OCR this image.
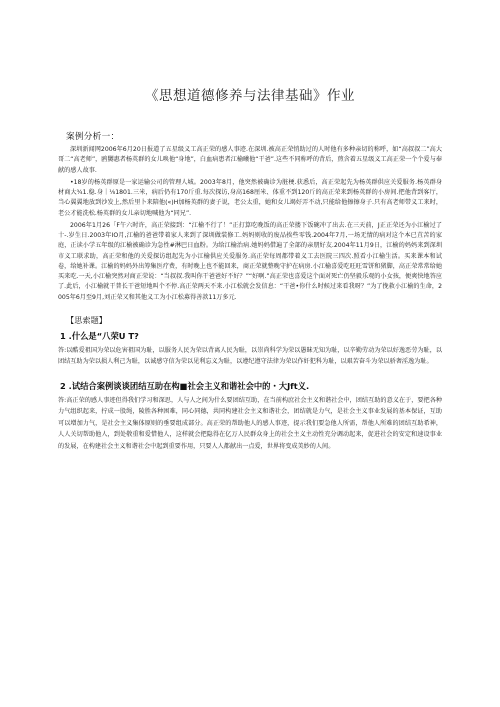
《思想道德修养与法律基础》作业
案例分析一：

深圳新闻网2006年6月20日报道了五星级义工高正荣的感人事迹.在深圳.被高正荣悄助过的人时他有多种亲切的称呼，如“高叔叔二”高大哥二“高老师”，鸥嬲惠者杨英群的女儿唤他“身地”，白血病患者江榆曦他“干爸”.这些不同称呼的背后，煎含着五星级义工高正荣一个个爱与奉献的感人故事.

•18岁的杨英群原是一家运输公司的管理人城。2003年8月，他突然被确诊为脏梗.获悉后，高正荣起先为杨英群供应关爱服务.杨英群身材商大¾1.稳.身｜⅛1801.三米，病后仍有170斤重.每次探访,身高168厘米、体重不到120斤的高正荣来到杨英群的小房间.把他背到客厅，当心翼翼地放到沙发上,然后里卜来陪他(«)H加杨英群的妻子说，老公太重，她和女儿竭好弄不动,只能给他擦擦身子.只有高老师带义工来时，老公才能洗松.杨英群的女儿亲切地喊他为“同兄”.

2006年1月26「F午六时许，高正荣接到：“江榆不行了！”正打算吃晚饭的高正荣搂下饭碗冲了出去.在三天前，J正正荣还为小江榆过了十-.岁生日.2003年IO月,江榆的爸爸带着家人来到了深圳做装修工.妈妈则收的废品挨些零钱.2004年7月,一场无情的病对这个本已苴苦的家庭，正读小学五年级的江榆被确诊为急性#淋巴日血粉。为给江榆治病.她妈妈借遍了全部的亲朋好友.2004年11月9日，江榆的妈妈来到深圳市义工联求助，高正荣和他的关爱探访组起先为小江榆供应关爱服务.高正荣每周都带着义工去医院三四次.照看小江榆生活。买来课本和试卷，给她补课。江榆的妈妈外出筹集医疗费，有时晚上也不能回来，商正荣就整晚守护在病房.小江榆喜爱吃旺旺雪饼和猪脚，高正荣常常给她买来吃.一天,小江榆突然对商正荣说：“当叔叔.我叫你干爸爸好不好？”“好啊.”高正荣也喜爱这个面对死亡仍坚毅乐观的小女孩，便爽快地答应了.此后，小江榆就干普长干爸短地叫个不停.高正荣两天不来.小江松就会发信息：“干爸•你什么时候过来看我呀？”为了挽救小江榆的生命，2005年6月至9月,刘正荣又和其他义工为小江松募得善款11万多元.

【思索题】
1 .什么是“八荣U T?

答:以酷爱祖国为荣以危害祖国为耻，以服务人民为荣以背离人民为耻，以崇尚科学为荣以愚昧无知为耻，以辛勤劳动为荣以好逸恶劳为耻，以团结互助为荣以损人利己为耻，以诚感守信为荣以见利忘义为耻，以遵纪遵守法律为荣以作奸犯科为耻，以艰苦奋斗为荣以骄奢淫逸为耻。

2 .试结合案例谈谈团结互助在构■社会主义和谐社会中的・大Jft义.

答:高正荣的感人事迹但得我们学习和深思，人与人之间为什么要团结互助，在当前构庶社会主义和谐社会中，团结互助的意义在于，要把各种力气组织起来，拧成一股绳，陵胜各种困难，同心同德，共同构建社会主义和谐社会，团结就是力气，是社会主义事业发展的基本保证，互助可以增加力气，是社会主义集体原则的垂要组成部分。高正荣的帮助他人的感人事迹，提示我们要急他人所需，帮他人所难的团结互助希神，人人关切帮助他人，到处敬重和爱惜他人，这样就会把隐得在亿万人民群众身上的社会主义主动性充分调动起来，促进社会的安定和速设事业的发展，在构建社会主义和谐社会中起到重要作用，只要人人都献出一点爱，世界将变成美妙的人间。
